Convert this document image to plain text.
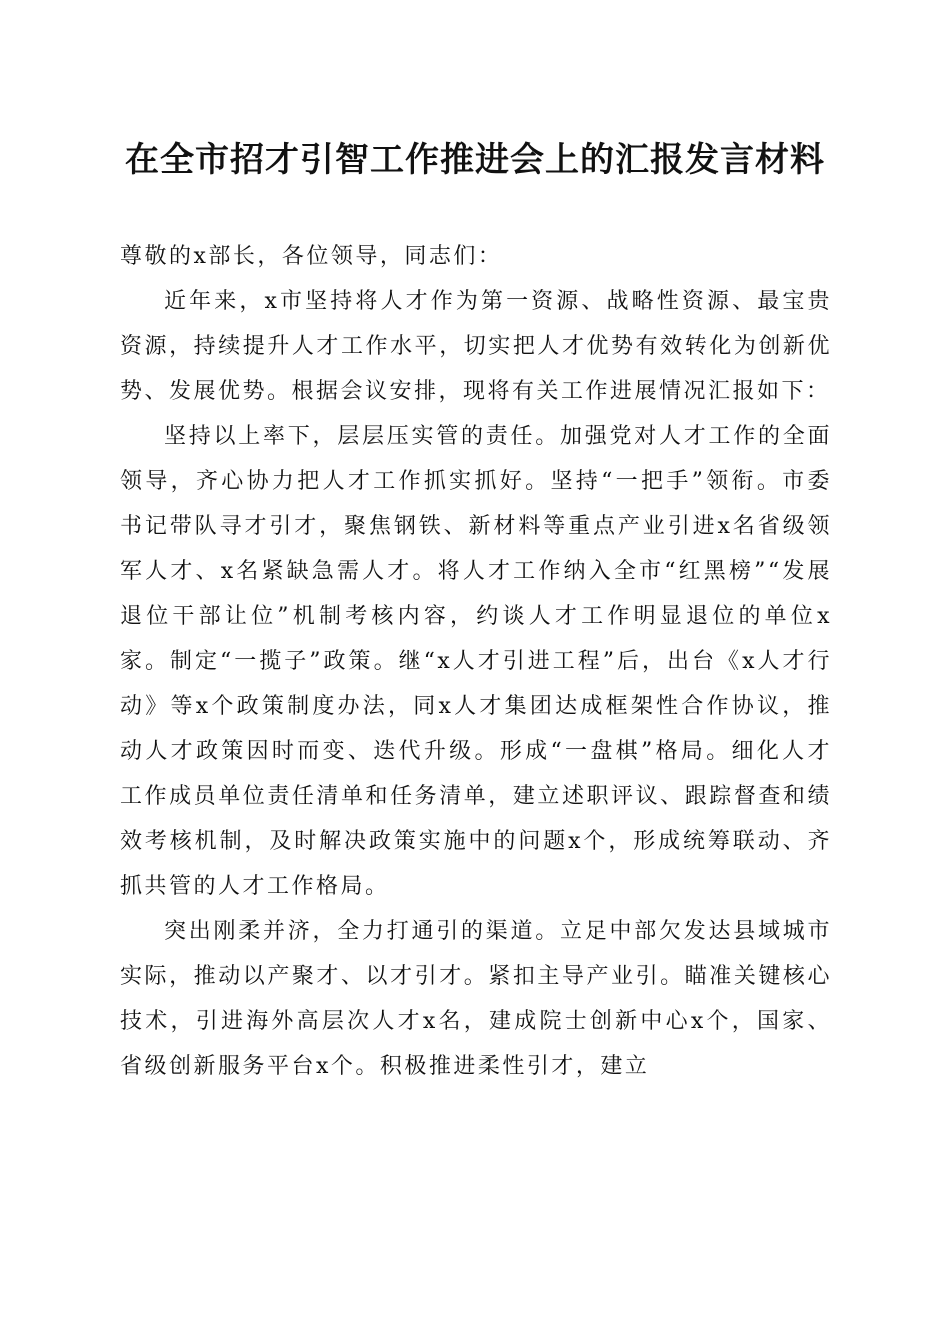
在全市招才引智工作推进会上的汇报发言材料

尊敬的x部长，各位领导，同志们：

近年来，x市坚持将人才作为第一资源、战略性资源、最宝贵资源，持续提升人才工作水平，切实把人才优势有效转化为创新优势、发展优势。根据会议安排，现将有关工作进展情况汇报如下：

坚持以上率下，层层压实管的责任。加强党对人才工作的全面领导，齐心协力把人才工作抓实抓好。坚持“一把手”领衔。市委书记带队寻才引才，聚焦钢铁、新材料等重点产业引进x名省级领军人才、x名紧缺急需人才。将人才工作纳入全市“红黑榜”“发展退位干部让位”机制考核内容，约谈人才工作明显退位的单位x家。制定“一揽子”政策。继“x人才引进工程”后，出台《x人才行动》等x个政策制度办法，同x人才集团达成框架性合作协议，推动人才政策因时而变、迭代升级。形成“一盘棋”格局。细化人才工作成员单位责任清单和任务清单，建立述职评议、跟踪督查和绩效考核机制，及时解决政策实施中的问题x个，形成统筹联动、齐抓共管的人才工作格局。

突出刚柔并济，全力打通引的渠道。立足中部欠发达县域城市实际，推动以产聚才、以才引才。紧扣主导产业引。瞄准关键核心技术，引进海外高层次人才x名，建成院士创新中心x个，国家、省级创新服务平台x个。积极推进柔性引才，建立
